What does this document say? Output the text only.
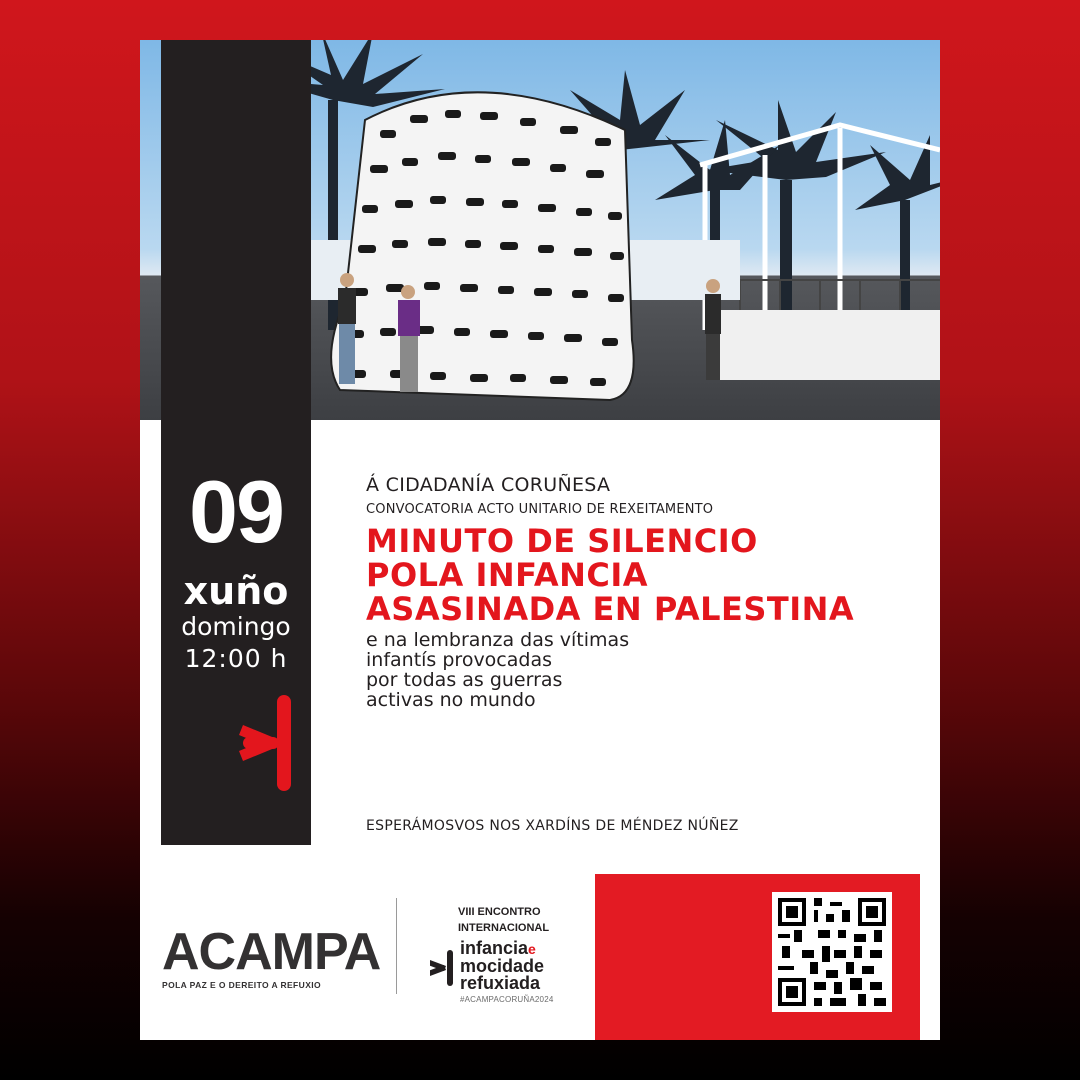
09
xuño
domingo
12:00 h
Á CIDADANÍA CORUÑESA
CONVOCATORIA ACTO UNITARIO DE REXEITAMENTO
MINUTO DE SILENCIO
POLA INFANCIA
ASASINADA EN PALESTINA
e na lembranza das vítimas
infantís provocadas
por todas as guerras
activas no mundo
ESPERÁMOSVOS NOS XARDÍNS DE MÉNDEZ NÚÑEZ
ACAMPA
POLA PAZ E O DEREITO A REFUXIO
VIII ENCONTRO
INTERNACIONAL
infanciae
mocidade
refuxiada
#ACAMPACORUÑA2024
